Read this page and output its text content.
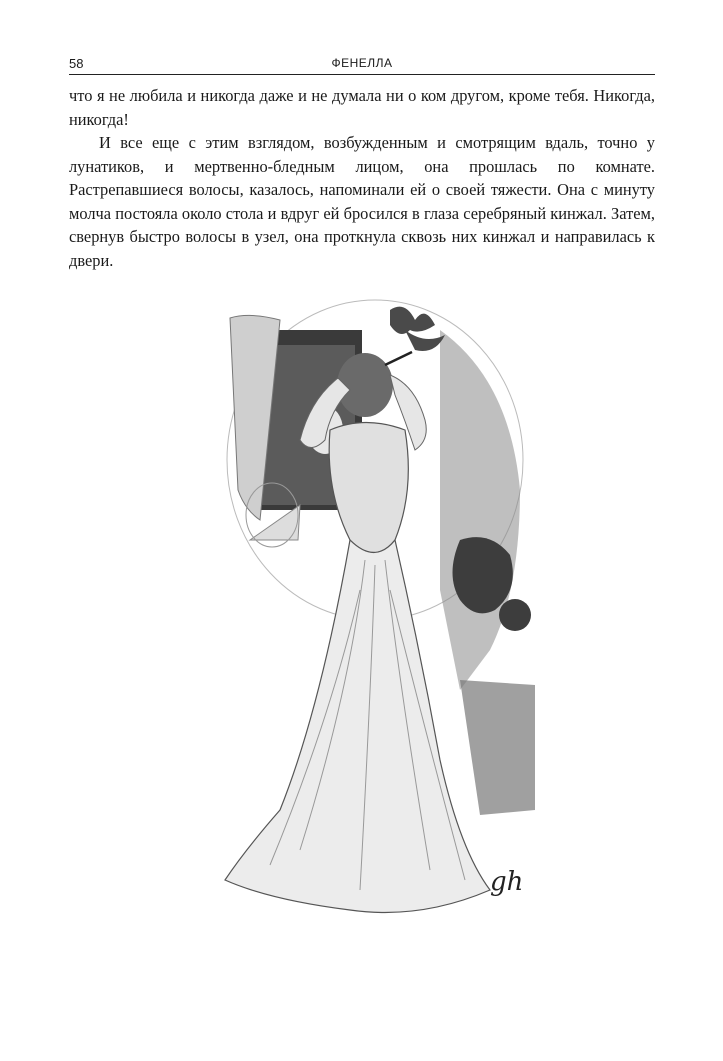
58	ФЕНЕЛЛА

что я не любила и никогда даже и не думала ни о ком другом, кроме тебя. Никогда, никогда!

И все еще с этим взглядом, возбужденным и смотрящим вдаль, точно у лунатиков, и мертвенно-бледным лицом, она прошлась по комнате. Растрепавшиеся волосы, казалось, напоминали ей о своей тяжести. Она с минуту молча постояла около стола и вдруг ей бросился в глаза серебряный кинжал. Затем, свернув быстро волосы в узел, она проткнула сквозь них кинжал и направилась к двери.

gh
